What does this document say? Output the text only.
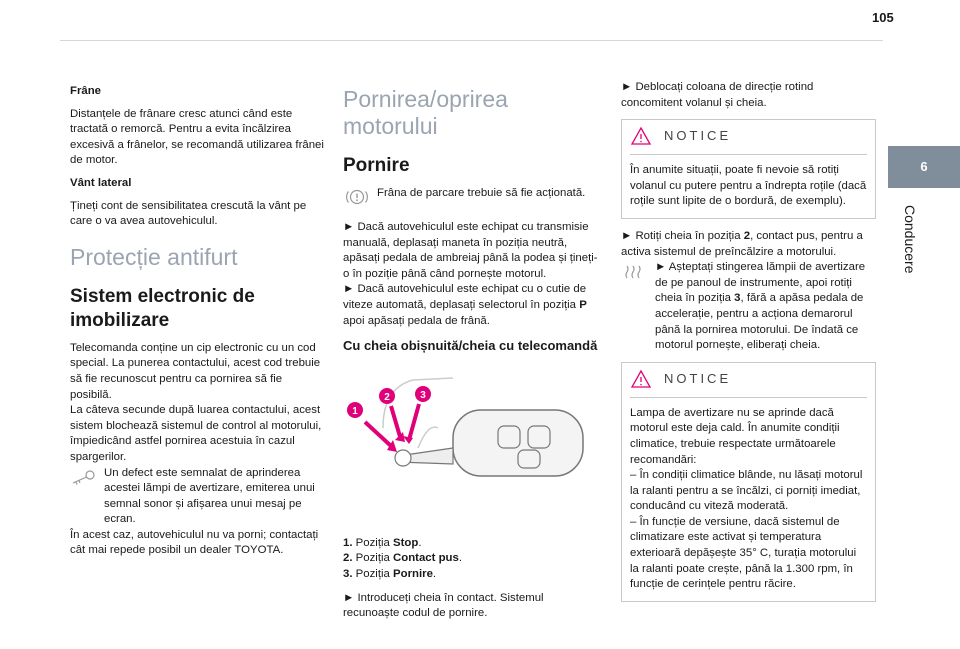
105
6
Conducere

Frâne

Distanțele de frânare cresc atunci când este tractată o remorcă. Pentru a evita încălzirea excesivă a frânelor, se recomandă utilizarea frânei de motor.

Vânt lateral

Țineți cont de sensibilitatea crescută la vânt pe care o va avea autovehiculul.

Protecție antifurt
Sistem electronic de imobilizare

Telecomanda conține un cip electronic cu un cod special. La punerea contactului, acest cod trebuie să fie recunoscut pentru ca pornirea să fie posibilă.

La câteva secunde după luarea contactului, acest sistem blochează sistemul de control al motorului, împiedicând astfel pornirea acestuia în cazul spargerilor.

Un defect este semnalat de aprinderea acestei lămpi de avertizare, emiterea unui semnal sonor și afișarea unui mesaj pe ecran.

În acest caz, autovehiculul nu va porni; contactați cât mai repede posibil un dealer TOYOTA.

Pornirea/oprirea motorului
Pornire

Frâna de parcare trebuie să fie acționată.

► Dacă autovehiculul este echipat cu transmisie manuală, deplasați maneta în poziția neutră, apăsați pedala de ambreiaj până la podea și țineți-o în poziție până când pornește motorul.

► Dacă autovehiculul este echipat cu o cutie de viteze automată, deplasați selectorul în poziția P apoi apăsați pedala de frână.

Cu cheia obișnuită/cheia cu telecomandă
1
2	3

1. Poziția Stop.

2. Poziția Contact pus.

3. Poziția Pornire.

► Introduceți cheia în contact. Sistemul recunoaște codul de pornire.

► Deblocați coloana de direcție rotind concomitent volanul și cheia.

NOTICE

În anumite situații, poate fi nevoie să rotiți volanul cu putere pentru a îndrepta roțile (dacă roțile sunt lipite de o bordură, de exemplu).

► Rotiți cheia în poziția 2, contact pus, pentru a activa sistemul de preîncălzire a motorului.

► Așteptați stingerea lămpii de avertizare de pe panoul de instrumente, apoi rotiți cheia în poziția 3, fără a apăsa pedala de accelerație, pentru a acționa demarorul până la pornirea motorului. De îndată ce motorul pornește, eliberați cheia.

NOTICE

Lampa de avertizare nu se aprinde dacă motorul este deja cald. În anumite condiții climatice, trebuie respectate următoarele recomandări:

– În condiții climatice blânde, nu lăsați motorul la ralanti pentru a se încălzi, ci porniți imediat, conducând cu viteză moderată.

– În funcție de versiune, dacă sistemul de climatizare este activat și temperatura exterioară depășește 35° C, turația motorului la ralanti poate crește, până la 1.300 rpm, în funcție de cerințele pentru răcire.
